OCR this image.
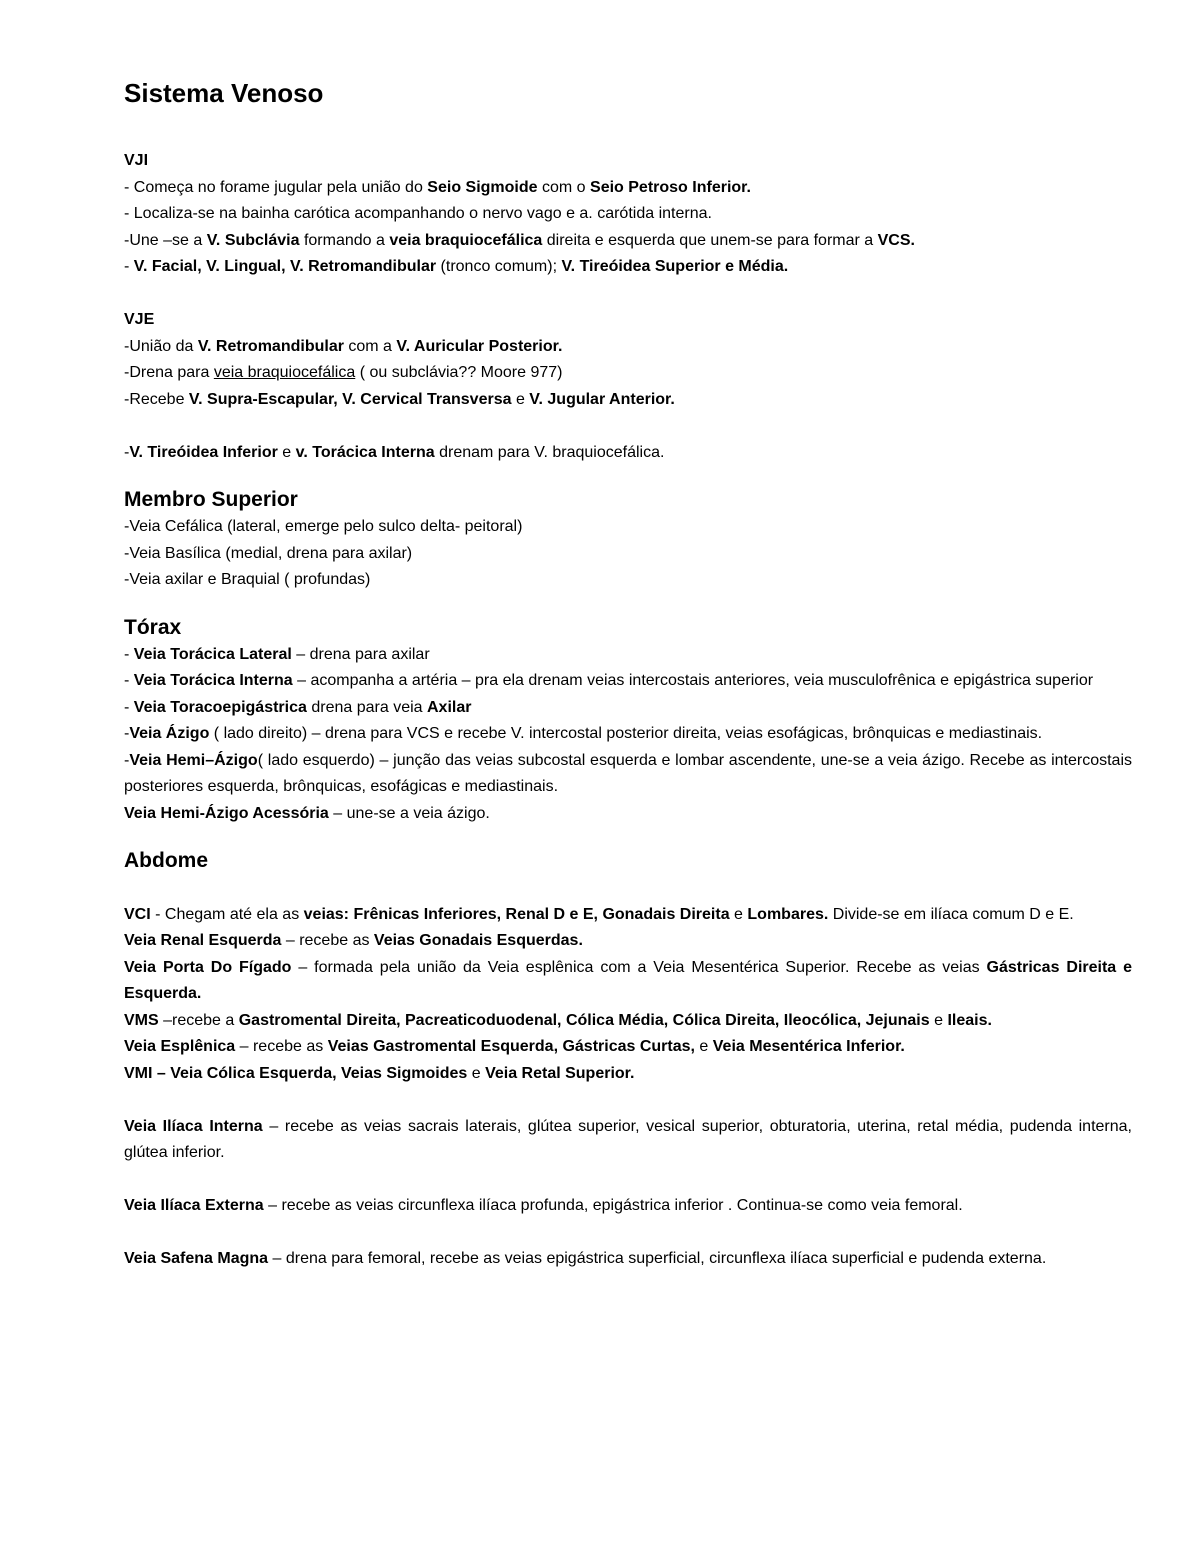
Sistema Venoso

VJI

- Começa no forame jugular pela união do Seio Sigmoide com o Seio Petroso Inferior.

- Localiza-se na bainha carótica acompanhando o nervo vago e a. carótida interna.

-Une –se a V. Subclávia formando a veia braquiocefálica direita e esquerda que unem-se para formar a VCS.

- V. Facial, V. Lingual, V. Retromandibular (tronco comum); V. Tireóidea Superior e Média.

VJE

-União da V. Retromandibular com a V. Auricular Posterior.

-Drena para veia braquiocefálica ( ou subclávia?? Moore 977)

-Recebe V. Supra-Escapular, V. Cervical Transversa e V. Jugular Anterior.

-V. Tireóidea Inferior e v. Torácica Interna drenam para V. braquiocefálica.

Membro Superior

-Veia Cefálica (lateral, emerge pelo sulco delta- peitoral)

-Veia Basílica (medial, drena para axilar)

-Veia axilar e Braquial ( profundas)

Tórax

- Veia Torácica Lateral – drena para axilar

- Veia Torácica Interna – acompanha a artéria – pra ela drenam veias intercostais anteriores, veia musculofrênica e epigástrica superior

- Veia Toracoepigástrica drena para veia Axilar

-Veia Ázigo ( lado direito) – drena para VCS e recebe V. intercostal posterior direita, veias esofágicas, brônquicas e mediastinais.

-Veia Hemi–Ázigo( lado esquerdo) – junção das veias subcostal esquerda e lombar ascendente, une-se a veia ázigo. Recebe as intercostais posteriores esquerda, brônquicas, esofágicas e mediastinais.

Veia Hemi-Ázigo Acessória – une-se a veia ázigo.

Abdome

VCI - Chegam até ela as veias: Frênicas Inferiores, Renal D e E, Gonadais Direita e Lombares. Divide-se em ilíaca comum D e E.

Veia Renal Esquerda – recebe as Veias Gonadais Esquerdas.

Veia Porta Do Fígado – formada pela união da Veia esplênica com a Veia Mesentérica Superior. Recebe as veias Gástricas Direita e Esquerda.

VMS –recebe a Gastromental Direita, Pacreaticoduodenal, Cólica Média, Cólica Direita, Ileocólica, Jejunais e Ileais.

Veia Esplênica – recebe as Veias Gastromental Esquerda, Gástricas Curtas, e Veia Mesentérica Inferior.

VMI – Veia Cólica Esquerda, Veias Sigmoides e Veia Retal Superior.

Veia Ilíaca Interna – recebe as veias sacrais laterais, glútea superior, vesical superior, obturatoria, uterina, retal média, pudenda interna, glútea inferior.

Veia Ilíaca Externa – recebe as veias circunflexa ilíaca profunda, epigástrica inferior . Continua-se como veia femoral.

Veia Safena Magna – drena para femoral, recebe as veias epigástrica superficial, circunflexa ilíaca superficial e pudenda externa.
